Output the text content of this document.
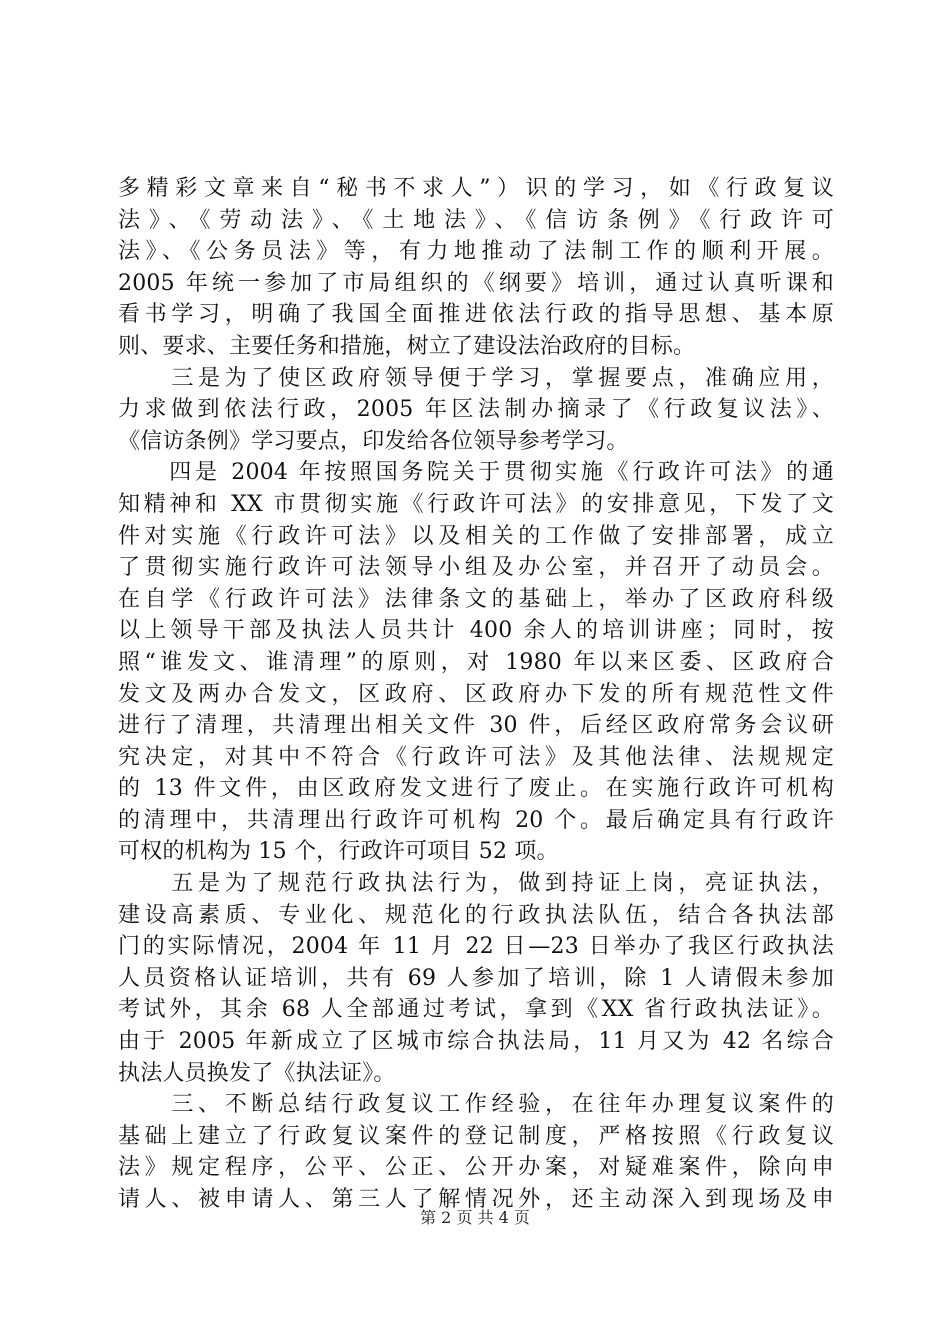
多精彩文章来自“秘书不求人”）识的学习，如《行政复议
法》、《劳动法》、《土地法》、《信访条例》《行政许可
法》、《公务员法》等，有力地推动了法制工作的顺利开展。
2005 年统一参加了市局组织的《纲要》培训，通过认真听课和
看书学习，明确了我国全面推进依法行政的指导思想、基本原
则、要求、主要任务和措施，树立了建设法治政府的目标。
　　三是为了使区政府领导便于学习，掌握要点，准确应用，
力求做到依法行政，2005 年区法制办摘录了《行政复议法》、
《信访条例》学习要点，印发给各位领导参考学习。
　　四是 2004 年按照国务院关于贯彻实施《行政许可法》的通
知精神和 XX 市贯彻实施《行政许可法》的安排意见，下发了文
件对实施《行政许可法》以及相关的工作做了安排部署，成立
了贯彻实施行政许可法领导小组及办公室，并召开了动员会。
在自学《行政许可法》法律条文的基础上，举办了区政府科级
以上领导干部及执法人员共计 400 余人的培训讲座；同时，按
照“谁发文、谁清理”的原则，对 1980 年以来区委、区政府合
发文及两办合发文，区政府、区政府办下发的所有规范性文件
进行了清理，共清理出相关文件 30 件，后经区政府常务会议研
究决定，对其中不符合《行政许可法》及其他法律、法规规定
的 13 件文件，由区政府发文进行了废止。在实施行政许可机构
的清理中，共清理出行政许可机构 20 个。最后确定具有行政许
可权的机构为 15 个，行政许可项目 52 项。
　　五是为了规范行政执法行为，做到持证上岗，亮证执法，
建设高素质、专业化、规范化的行政执法队伍，结合各执法部
门的实际情况，2004 年 11 月 22 日—23 日举办了我区行政执法
人员资格认证培训，共有 69 人参加了培训，除 1 人请假未参加
考试外，其余 68 人全部通过考试，拿到《XX 省行政执法证》。
由于 2005 年新成立了区城市综合执法局，11 月又为 42 名综合
执法人员换发了《执法证》。
　　三、不断总结行政复议工作经验，在往年办理复议案件的
基础上建立了行政复议案件的登记制度，严格按照《行政复议
法》规定程序，公平、公正、公开办案，对疑难案件，除向申
请人、被申请人、第三人了解情况外，还主动深入到现场及申
第 2 页 共 4 页
